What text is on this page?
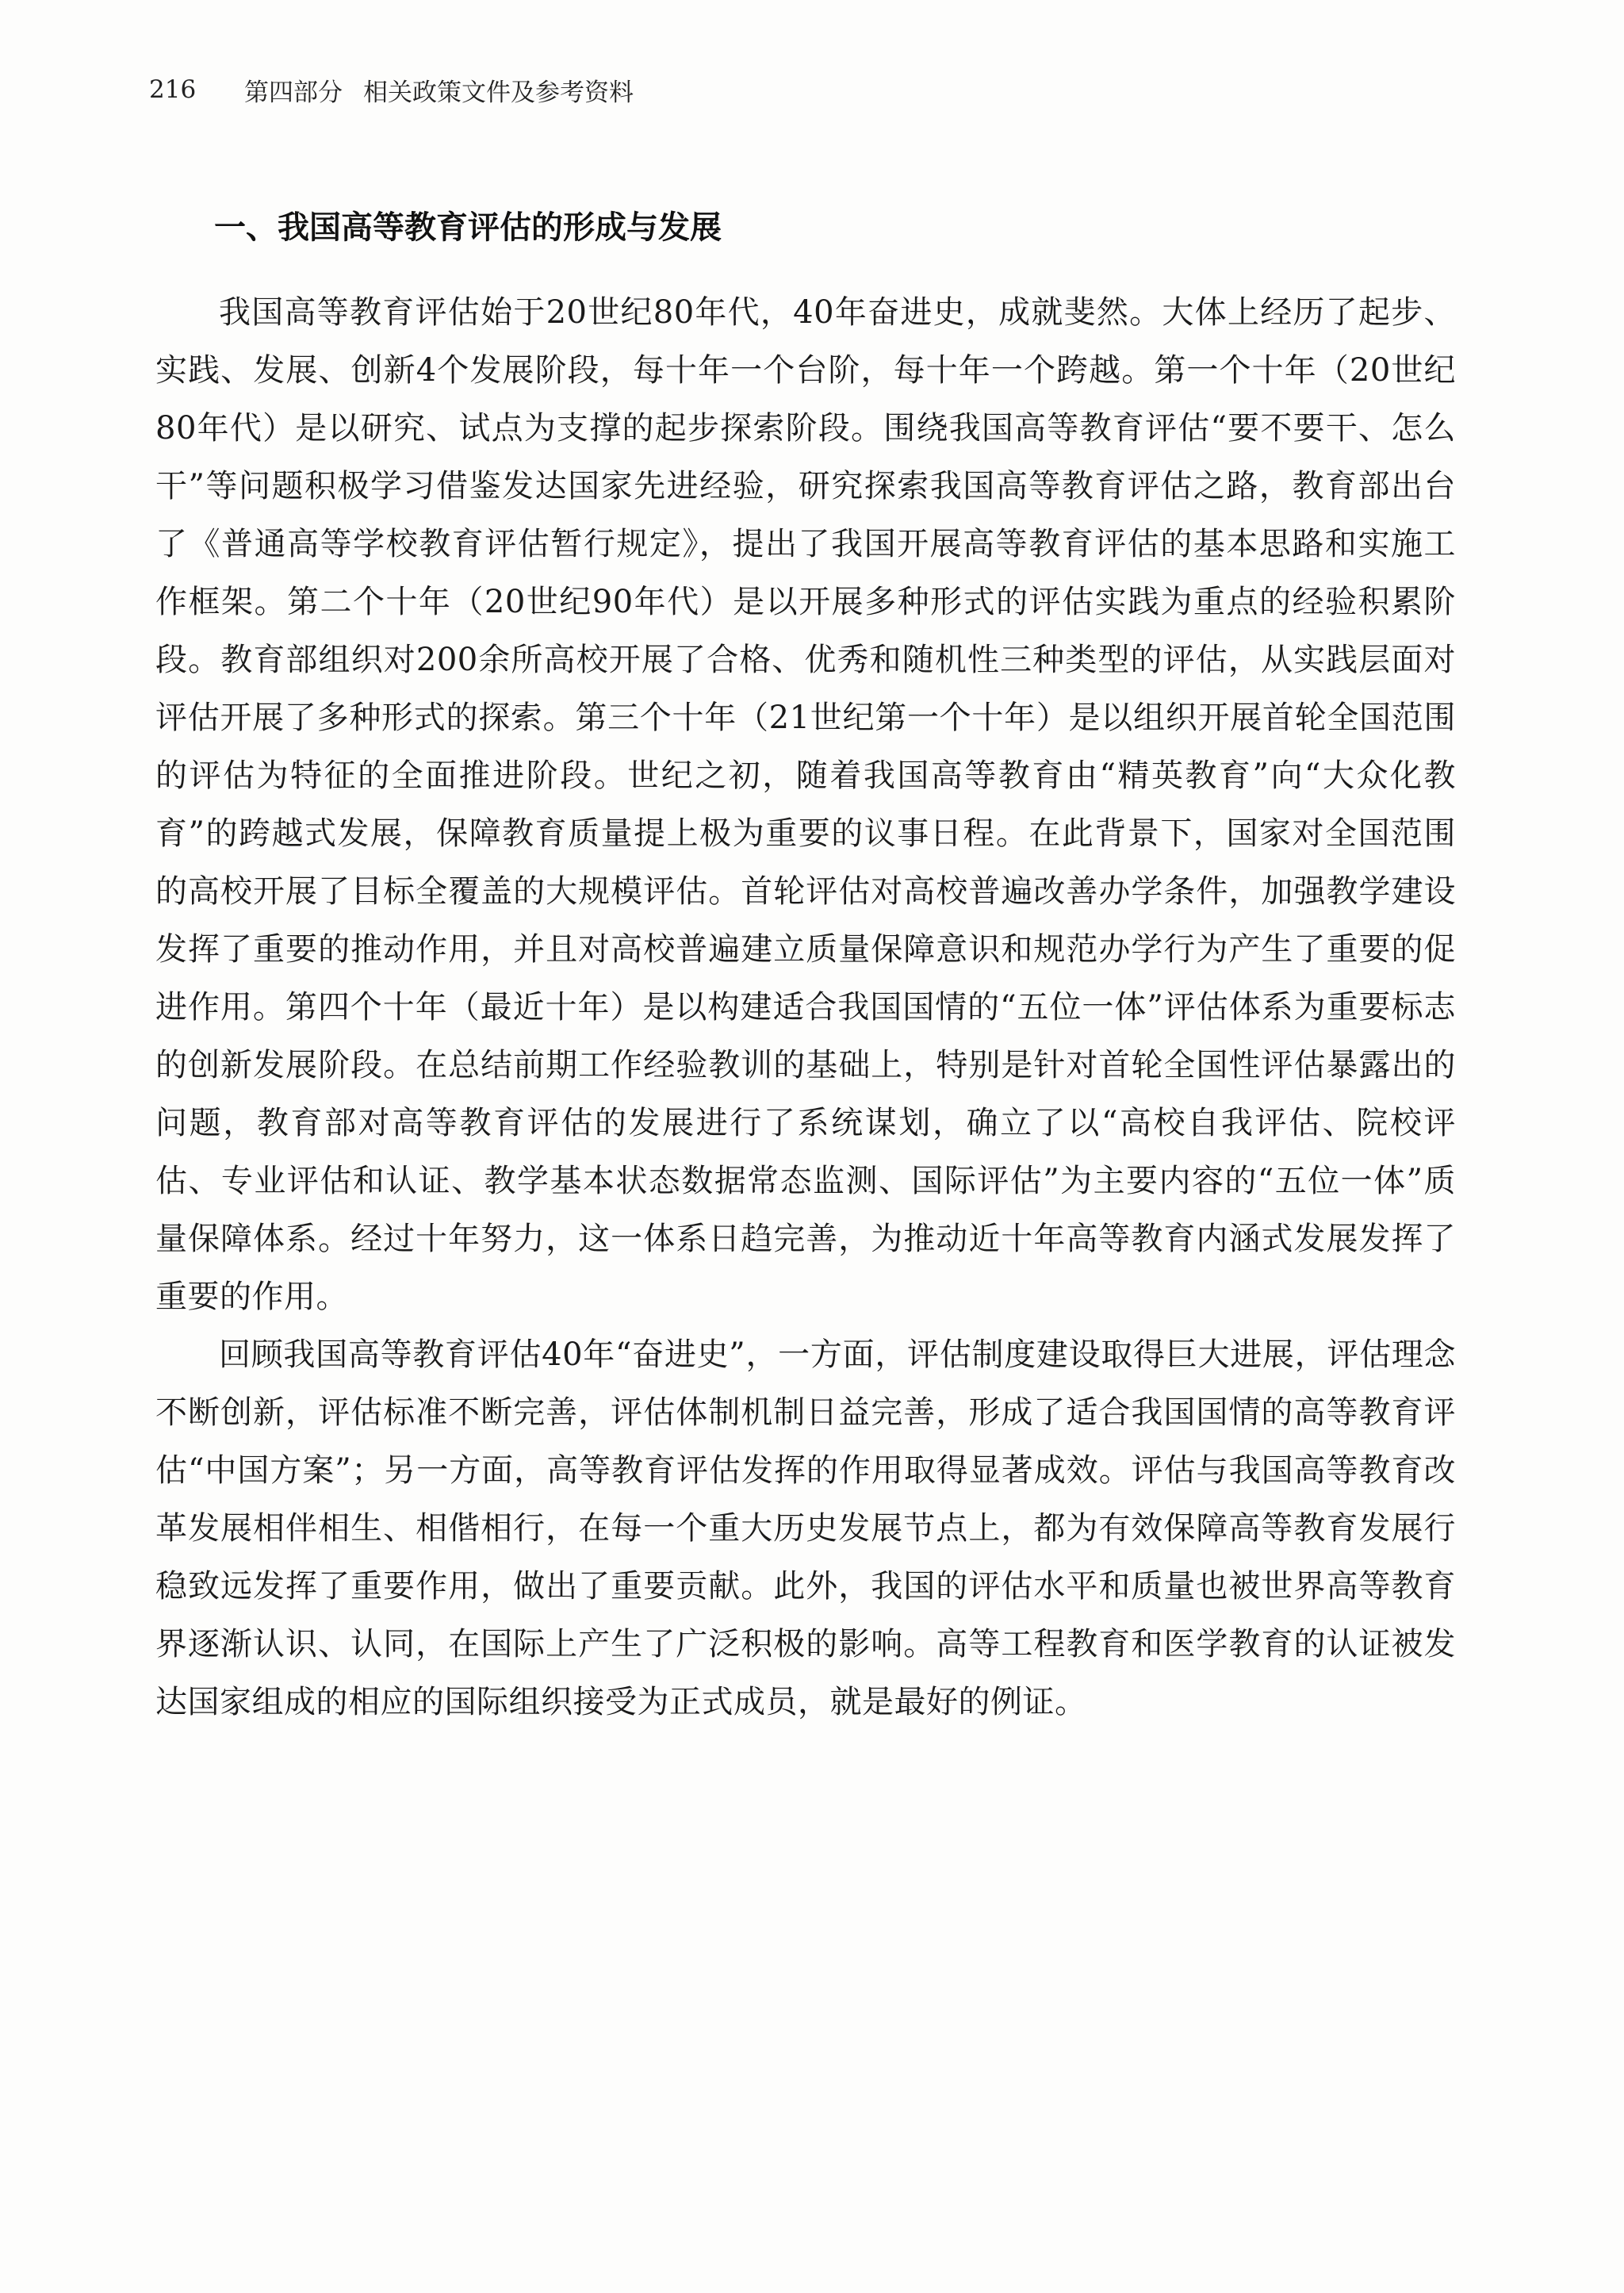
216	第四部分 相关政策文件及参考资料
一、我国高等教育评估的形成与发展

我国高等教育评估始于20世纪80年代，40年奋进史，成就斐然。大体上经历了起步、实践、发展、创新4个发展阶段，每十年一个台阶，每十年一个跨越。第一个十年（20世纪80年代）是以研究、试点为支撑的起步探索阶段。围绕我国高等教育评估“要不要干、怎么干”等问题积极学习借鉴发达国家先进经验，研究探索我国高等教育评估之路，教育部出台了《普通高等学校教育评估暂行规定》，提出了我国开展高等教育评估的基本思路和实施工作框架。第二个十年（20世纪90年代）是以开展多种形式的评估实践为重点的经验积累阶段。教育部组织对200余所高校开展了合格、优秀和随机性三种类型的评估，从实践层面对评估开展了多种形式的探索。第三个十年（21世纪第一个十年）是以组织开展首轮全国范围的评估为特征的全面推进阶段。世纪之初，随着我国高等教育由“精英教育”向“大众化教育”的跨越式发展，保障教育质量提上极为重要的议事日程。在此背景下，国家对全国范围的高校开展了目标全覆盖的大规模评估。首轮评估对高校普遍改善办学条件，加强教学建设发挥了重要的推动作用，并且对高校普遍建立质量保障意识和规范办学行为产生了重要的促进作用。第四个十年（最近十年）是以构建适合我国国情的“五位一体”评估体系为重要标志的创新发展阶段。在总结前期工作经验教训的基础上，特别是针对首轮全国性评估暴露出的问题，教育部对高等教育评估的发展进行了系统谋划，确立了以“高校自我评估、院校评估、专业评估和认证、教学基本状态数据常态监测、国际评估”为主要内容的“五位一体”质量保障体系。经过十年努力，这一体系日趋完善，为推动近十年高等教育内涵式发展发挥了重要的作用。

回顾我国高等教育评估40年“奋进史”，一方面，评估制度建设取得巨大进展，评估理念不断创新，评估标准不断完善，评估体制机制日益完善，形成了适合我国国情的高等教育评估“中国方案”；另一方面，高等教育评估发挥的作用取得显著成效。评估与我国高等教育改革发展相伴相生、相偕相行，在每一个重大历史发展节点上，都为有效保障高等教育发展行稳致远发挥了重要作用，做出了重要贡献。此外，我国的评估水平和质量也被世界高等教育界逐渐认识、认同，在国际上产生了广泛积极的影响。高等工程教育和医学教育的认证被发达国家组成的相应的国际组织接受为正式成员，就是最好的例证。
